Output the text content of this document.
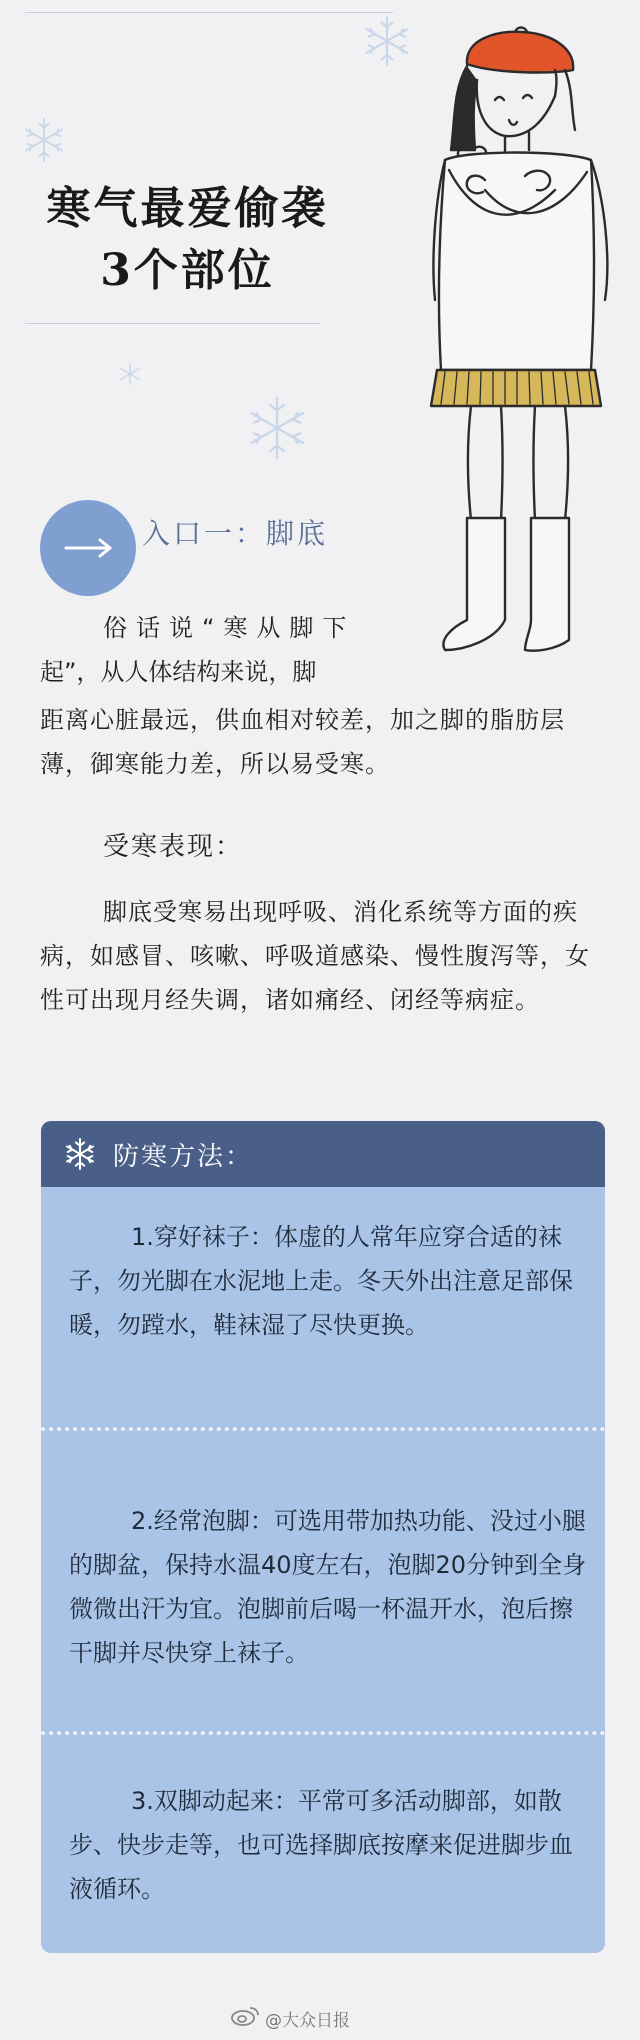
寒气最爱偷袭
3个部位
入口一：脚底
俗话说“寒从脚下
起”，从人体结构来说，脚
距离心脏最远，供血相对较差，加之脚的脂肪层薄，御寒能力差，所以易受寒。
受寒表现：
脚底受寒易出现呼吸、消化系统等方面的疾病，如感冒、咳嗽、呼吸道感染、慢性腹泻等，女性可出现月经失调，诸如痛经、闭经等病症。
防寒方法：
1.穿好袜子：体虚的人常年应穿合适的袜子，勿光脚在水泥地上走。冬天外出注意足部保暖，勿蹚水，鞋袜湿了尽快更换。
2.经常泡脚：可选用带加热功能、没过小腿的脚盆，保持水温40度左右，泡脚20分钟到全身微微出汗为宜。泡脚前后喝一杯温开水，泡后擦干脚并尽快穿上袜子。
3.双脚动起来：平常可多活动脚部，如散步、快步走等，也可选择脚底按摩来促进脚步血液循环。
@大众日报
